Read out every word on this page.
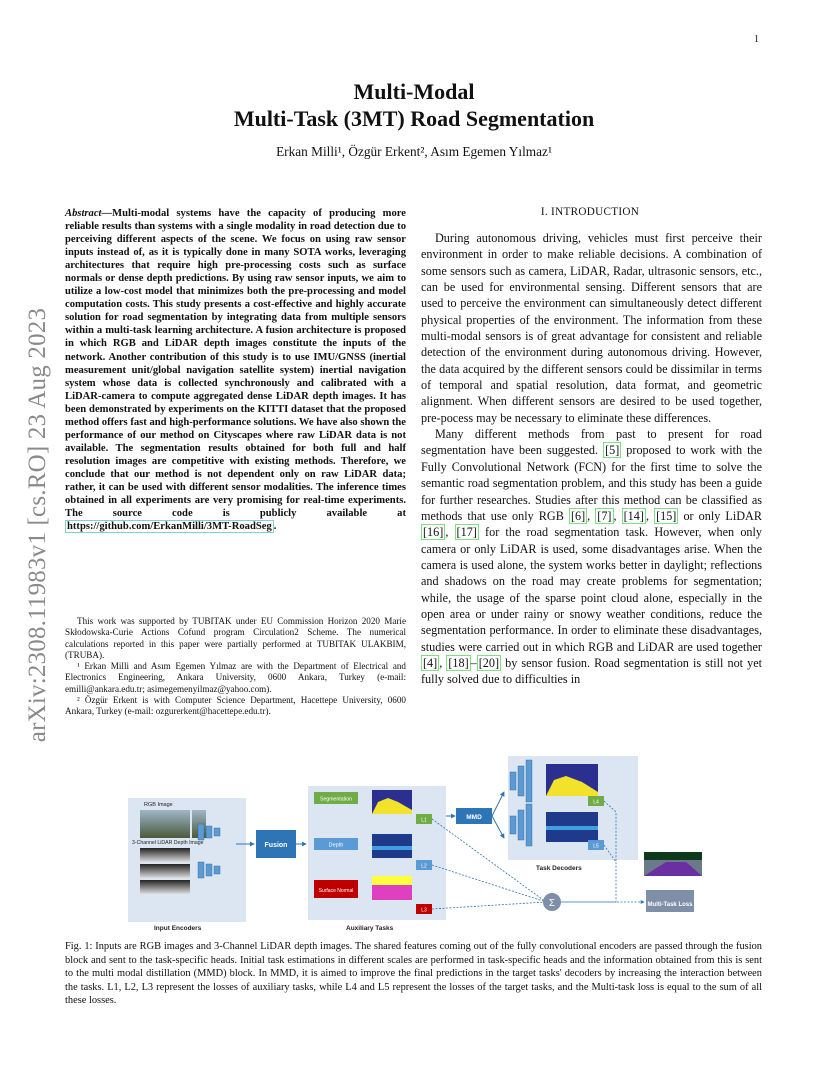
1
arXiv:2308.11983v1 [cs.RO] 23 Aug 2023
Multi-Modal
Multi-Task (3MT) Road Segmentation
Erkan Milli¹, Özgür Erkent², Asım Egemen Yılmaz¹
Abstract—Multi-modal systems have the capacity of producing more reliable results than systems with a single modality in road detection due to perceiving different aspects of the scene. We focus on using raw sensor inputs instead of, as it is typically done in many SOTA works, leveraging architectures that require high pre-processing costs such as surface normals or dense depth predictions. By using raw sensor inputs, we aim to utilize a low-cost model that minimizes both the pre-processing and model computation costs. This study presents a cost-effective and highly accurate solution for road segmentation by integrating data from multiple sensors within a multi-task learning architecture. A fusion architecture is proposed in which RGB and LiDAR depth images constitute the inputs of the network. Another contribution of this study is to use IMU/GNSS (inertial measurement unit/global navigation satellite system) inertial navigation system whose data is collected synchronously and calibrated with a LiDAR-camera to compute aggregated dense LiDAR depth images. It has been demonstrated by experiments on the KITTI dataset that the proposed method offers fast and high-performance solutions. We have also shown the performance of our method on Cityscapes where raw LiDAR data is not available. The segmentation results obtained for both full and half resolution images are competitive with existing methods. Therefore, we conclude that our method is not dependent only on raw LiDAR data; rather, it can be used with different sensor modalities. The inference times obtained in all experiments are very promising for real-time experiments. The source code is publicly available at https://github.com/ErkanMilli/3MT-RoadSeg .

This work was supported by TUBITAK under EU Commission Horizon 2020 Marie Skłodowska-Curie Actions Cofund program Circulation2 Scheme. The numerical calculations reported in this paper were partially performed at TUBITAK ULAKBIM, (TRUBA).

¹ Erkan Milli and Asım Egemen Yılmaz are with the Department of Electrical and Electronics Engineering, Ankara University, 0600 Ankara, Turkey (e-mail: emilli@ankara.edu.tr; asimegemenyilmaz@yahoo.com).

² Özgür Erkent is with Computer Science Department, Hacettepe University, 0600 Ankara, Turkey (e-mail: ozgurerkent@hacettepe.edu.tr).

I. INTRODUCTION

During autonomous driving, vehicles must first perceive their environment in order to make reliable decisions. A combination of some sensors such as camera, LiDAR, Radar, ultrasonic sensors, etc., can be used for environmental sensing. Different sensors that are used to perceive the environment can simultaneously detect different physical properties of the environment. The information from these multi-modal sensors is of great advantage for consistent and reliable detection of the environment during autonomous driving. However, the data acquired by the different sensors could be dissimilar in terms of temporal and spatial resolution, data format, and geometric alignment. When different sensors are desired to be used together, pre-pocess may be necessary to eliminate these differences.

Many different methods from past to present for road segmentation have been suggested. [5] proposed to work with the Fully Convolutional Network (FCN) for the first time to solve the semantic road segmentation problem, and this study has been a guide for further researches. Studies after this method can be classified as methods that use only RGB [6] , [7] , [14] , [15] or only LiDAR [16] , [17] for the road segmentation task. However, when only camera or only LiDAR is used, some disadvantages arise. When the camera is used alone, the system works better in daylight; reflections and shadows on the road may create problems for segmentation; while, the usage of the sparse point cloud alone, especially in the open area or under rainy or snowy weather conditions, reduce the segmentation performance. In order to eliminate these disadvantages, studies were carried out in which RGB and LiDAR are used together [4] , [18] – [20] by sensor fusion. Road segmentation is still not yet fully solved due to difficulties in

RGB Image
3-Channel LiDAR Depth Image
Input Encoders
Fusion
Segmentation
L1
Depth
L2
Surface Normal
L3
Auxiliary Tasks
MMD
L4
L5
Task Decoders
Σ	Multi-Task Loss
Fig. 1: Inputs are RGB images and 3-Channel LiDAR depth images. The shared features coming out of the fully convolutional encoders are passed through the fusion block and sent to the task-specific heads. Initial task estimations in different scales are performed in task-specific heads and the information obtained from this is sent to the multi modal distillation (MMD) block. In MMD, it is aimed to improve the final predictions in the target tasks' decoders by increasing the interaction between the tasks. L1, L2, L3 represent the losses of auxiliary tasks, while L4 and L5 represent the losses of the target tasks, and the Multi-task loss is equal to the sum of all these losses.
